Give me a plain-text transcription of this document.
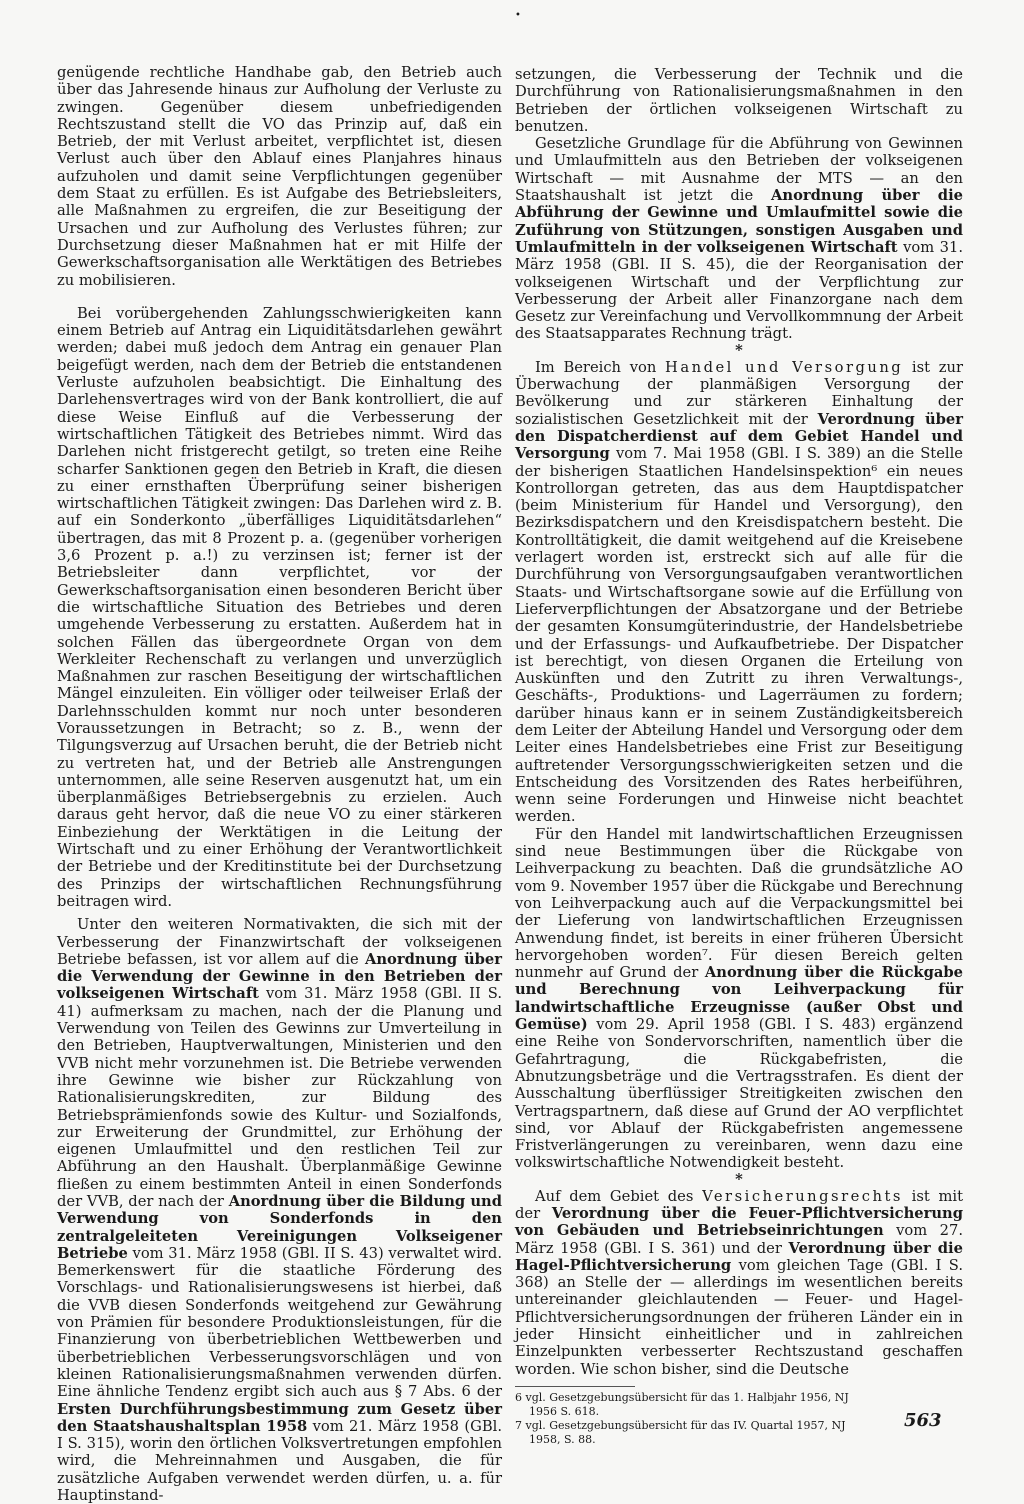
•

genügende rechtliche Handhabe gab, den Betrieb auch über das Jahresende hinaus zur Aufholung der Verluste zu zwingen. Gegenüber diesem unbefriedigenden Rechtszustand stellt die VO das Prinzip auf, daß ein Betrieb, der mit Verlust arbeitet, verpflichtet ist, diesen Verlust auch über den Ablauf eines Planjahres hinaus aufzuholen und damit seine Verpflichtungen gegenüber dem Staat zu erfüllen. Es ist Aufgabe des Betriebsleiters, alle Maßnahmen zu ergreifen, die zur Beseitigung der Ursachen und zur Aufholung des Verlustes führen; zur Durchsetzung dieser Maßnahmen hat er mit Hilfe der Gewerkschaftsorganisation alle Werktätigen des Betriebes zu mobilisieren.

Bei vorübergehenden Zahlungsschwierigkeiten kann einem Betrieb auf Antrag ein Liquiditätsdarlehen gewährt werden; dabei muß jedoch dem Antrag ein genauer Plan beigefügt werden, nach dem der Betrieb die entstandenen Verluste aufzuholen beabsichtigt. Die Einhaltung des Darlehensvertrages wird von der Bank kontrolliert, die auf diese Weise Einfluß auf die Verbesserung der wirtschaftlichen Tätigkeit des Betriebes nimmt. Wird das Darlehen nicht fristgerecht getilgt, so treten eine Reihe scharfer Sanktionen gegen den Betrieb in Kraft, die diesen zu einer ernsthaften Überprüfung seiner bisherigen wirtschaftlichen Tätigkeit zwingen: Das Darlehen wird z. B. auf ein Sonderkonto „überfälliges Liquiditätsdarlehen“ übertragen, das mit 8 Prozent p. a. (gegenüber vorherigen 3,6 Prozent p. a.!) zu verzinsen ist; ferner ist der Betriebsleiter dann verpflichtet, vor der Gewerkschaftsorganisation einen besonderen Bericht über die wirtschaftliche Situation des Betriebes und deren umgehende Verbesserung zu erstatten. Außerdem hat in solchen Fällen das übergeordnete Organ von dem Werkleiter Rechenschaft zu verlangen und unverzüglich Maßnahmen zur raschen Beseitigung der wirtschaftlichen Mängel einzuleiten. Ein völliger oder teilweiser Erlaß der Darlehnsschulden kommt nur noch unter besonderen Voraussetzungen in Betracht; so z. B., wenn der Tilgungsverzug auf Ursachen beruht, die der Betrieb nicht zu vertreten hat, und der Betrieb alle Anstrengungen unternommen, alle seine Reserven ausgenutzt hat, um ein überplanmäßiges Betriebsergebnis zu erzielen. Auch daraus geht hervor, daß die neue VO zu einer stärkeren Einbeziehung der Werktätigen in die Leitung der Wirtschaft und zu einer Erhöhung der Verantwortlichkeit der Betriebe und der Kreditinstitute bei der Durchsetzung des Prinzips der wirtschaftlichen Rechnungsführung beitragen wird.

Unter den weiteren Normativakten, die sich mit der Verbesserung der Finanzwirtschaft der volkseigenen Betriebe befassen, ist vor allem auf die Anordnung über die Verwendung der Gewinne in den Betrieben der volkseigenen Wirtschaft vom 31. März 1958 (GBl. II S. 41) aufmerksam zu machen, nach der die Planung und Verwendung von Teilen des Gewinns zur Umverteilung in den Betrieben, Hauptverwaltungen, Ministerien und den VVB nicht mehr vorzunehmen ist. Die Betriebe verwenden ihre Gewinne wie bisher zur Rückzahlung von Rationalisierungskrediten, zur Bildung des Betriebsprämienfonds sowie des Kultur- und Sozialfonds, zur Erweiterung der Grundmittel, zur Erhöhung der eigenen Umlaufmittel und den restlichen Teil zur Abführung an den Haushalt. Überplanmäßige Gewinne fließen zu einem bestimmten Anteil in einen Sonderfonds der VVB, der nach der Anordnung über die Bildung und Verwendung von Sonderfonds in den zentralgeleiteten Vereinigungen Volkseigener Betriebe vom 31. März 1958 (GBl. II S. 43) verwaltet wird. Bemerkenswert für die staatliche Förderung des Vorschlags- und Rationalisierungswesens ist hierbei, daß die VVB diesen Sonderfonds weitgehend zur Gewährung von Prämien für besondere Produktionsleistungen, für die Finanzierung von überbetrieblichen Wettbewerben und überbetrieblichen Verbesserungsvorschlägen und von kleinen Rationalisierungsmaßnahmen verwenden dürfen. Eine ähnliche Tendenz ergibt sich auch aus § 7 Abs. 6 der Ersten Durchführungsbestimmung zum Gesetz über den Staatshaushaltsplan 1958 vom 21. März 1958 (GBl. I S. 315), worin den örtlichen Volksvertretungen empfohlen wird, die Mehreinnahmen und Ausgaben, die für zusätzliche Aufgaben verwendet werden dürfen, u. a. für Hauptinstand-

setzungen, die Verbesserung der Technik und die Durchführung von Rationalisierungsmaßnahmen in den Betrieben der örtlichen volkseigenen Wirtschaft zu benutzen.

Gesetzliche Grundlage für die Abführung von Gewinnen und Umlaufmitteln aus den Betrieben der volkseigenen Wirtschaft — mit Ausnahme der MTS — an den Staatshaushalt ist jetzt die Anordnung über die Abführung der Gewinne und Umlaufmittel sowie die Zuführung von Stützungen, sonstigen Ausgaben und Umlaufmitteln in der volkseigenen Wirtschaft vom 31. März 1958 (GBl. II S. 45), die der Reorganisation der volkseigenen Wirtschaft und der Verpflichtung zur Verbesserung der Arbeit aller Finanzorgane nach dem Gesetz zur Vereinfachung und Vervollkommnung der Arbeit des Staatsapparates Rechnung trägt.

*

Im Bereich von Handel und Versorgung ist zur Überwachung der planmäßigen Versorgung der Bevölkerung und zur stärkeren Einhaltung der sozialistischen Gesetzlichkeit mit der Verordnung über den Dispatcherdienst auf dem Gebiet Handel und Versorgung vom 7. Mai 1958 (GBl. I S. 389) an die Stelle der bisherigen Staatlichen Handelsinspektion⁶ ein neues Kontrollorgan getreten, das aus dem Hauptdispatcher (beim Ministerium für Handel und Versorgung), den Bezirksdispatchern und den Kreisdispatchern besteht. Die Kontrolltätigkeit, die damit weitgehend auf die Kreisebene verlagert worden ist, erstreckt sich auf alle für die Durchführung von Versorgungsaufgaben verantwortlichen Staats- und Wirtschaftsorgane sowie auf die Erfüllung von Lieferverpflichtungen der Absatzorgane und der Betriebe der gesamten Konsumgüterindustrie, der Handelsbetriebe und der Erfassungs- und Aufkaufbetriebe. Der Dispatcher ist berechtigt, von diesen Organen die Erteilung von Auskünften und den Zutritt zu ihren Verwaltungs-, Geschäfts-, Produktions- und Lagerräumen zu fordern; darüber hinaus kann er in seinem Zuständigkeitsbereich dem Leiter der Abteilung Handel und Versorgung oder dem Leiter eines Handelsbetriebes eine Frist zur Beseitigung auftretender Versorgungsschwierigkeiten setzen und die Entscheidung des Vorsitzenden des Rates herbeiführen, wenn seine Forderungen und Hinweise nicht beachtet werden.

Für den Handel mit landwirtschaftlichen Erzeugnissen sind neue Bestimmungen über die Rückgabe von Leihverpackung zu beachten. Daß die grundsätzliche AO vom 9. November 1957 über die Rückgabe und Berechnung von Leihverpackung auch auf die Verpackungsmittel bei der Lieferung von landwirtschaftlichen Erzeugnissen Anwendung findet, ist bereits in einer früheren Übersicht hervorgehoben worden⁷. Für diesen Bereich gelten nunmehr auf Grund der Anordnung über die Rückgabe und Berechnung von Leihverpackung für landwirtschaftliche Erzeugnisse (außer Obst und Gemüse) vom 29. April 1958 (GBl. I S. 483) ergänzend eine Reihe von Sondervorschriften, namentlich über die Gefahrtragung, die Rückgabefristen, die Abnutzungsbeträge und die Vertragsstrafen. Es dient der Ausschaltung überflüssiger Streitigkeiten zwischen den Vertragspartnern, daß diese auf Grund der AO verpflichtet sind, vor Ablauf der Rückgabefristen angemessene Fristverlängerungen zu vereinbaren, wenn dazu eine volkswirtschaftliche Notwendigkeit besteht.

*

Auf dem Gebiet des Versicherungsrechts ist mit der Verordnung über die Feuer-Pflichtversicherung von Gebäuden und Betriebseinrichtungen vom 27. März 1958 (GBl. I S. 361) und der Verordnung über die Hagel-Pflichtversicherung vom gleichen Tage (GBl. I S. 368) an Stelle der — allerdings im wesentlichen bereits untereinander gleichlautenden — Feuer- und Hagel-Pflichtversicherungsordnungen der früheren Länder ein in jeder Hinsicht einheitlicher und in zahlreichen Einzelpunkten verbesserter Rechtszustand geschaffen worden. Wie schon bisher, sind die Deutsche

6 vgl. Gesetzgebungsübersicht für das 1. Halbjahr 1956, NJ
1956 S. 618.

7 vgl. Gesetzgebungsübersicht für das IV. Quartal 1957, NJ
1958, S. 88.

563
